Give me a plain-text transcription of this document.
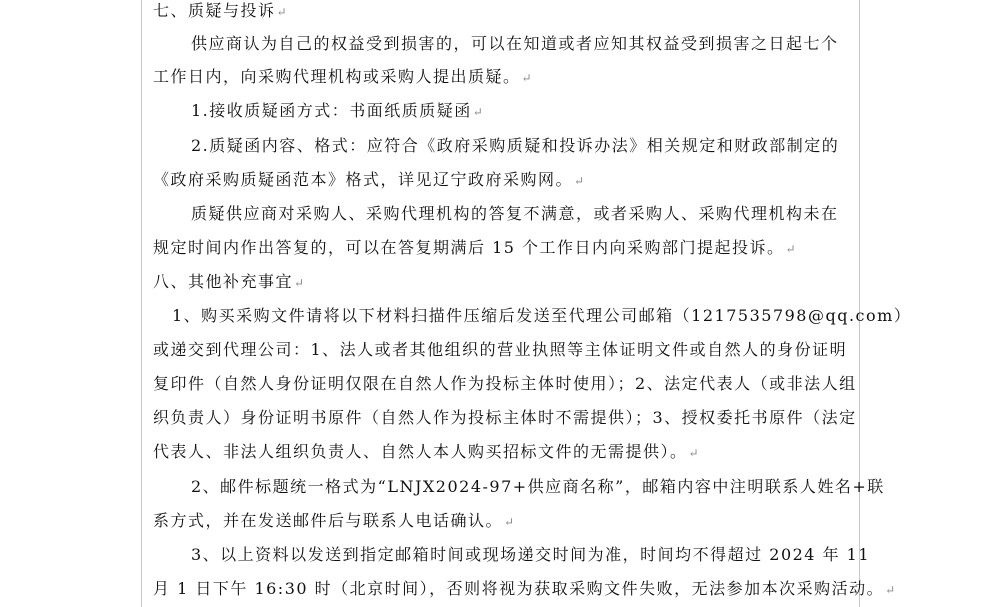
七、质疑与投诉↵
供应商认为自己的权益受到损害的，可以在知道或者应知其权益受到损害之日起七个
工作日内，向采购代理机构或采购人提出质疑。↵
1.接收质疑函方式：书面纸质质疑函↵
2.质疑函内容、格式：应符合《政府采购质疑和投诉办法》相关规定和财政部制定的
《政府采购质疑函范本》格式，详见辽宁政府采购网。↵
质疑供应商对采购人、采购代理机构的答复不满意，或者采购人、采购代理机构未在
规定时间内作出答复的，可以在答复期满后 15 个工作日内向采购部门提起投诉。↵
八、其他补充事宜↵
1、购买采购文件请将以下材料扫描件压缩后发送至代理公司邮箱（1217535798@qq.com）
或递交到代理公司：1、法人或者其他组织的营业执照等主体证明文件或自然人的身份证明
复印件（自然人身份证明仅限在自然人作为投标主体时使用）；2、法定代表人（或非法人组
织负责人）身份证明书原件（自然人作为投标主体时不需提供）；3、授权委托书原件（法定
代表人、非法人组织负责人、自然人本人购买招标文件的无需提供）。↵
2、邮件标题统一格式为“LNJX2024-97+供应商名称”，邮箱内容中注明联系人姓名+联
系方式，并在发送邮件后与联系人电话确认。↵
3、以上资料以发送到指定邮箱时间或现场递交时间为准，时间均不得超过 2024 年 11
月 1 日下午 16:30 时（北京时间），否则将视为获取采购文件失败，无法参加本次采购活动。↵
